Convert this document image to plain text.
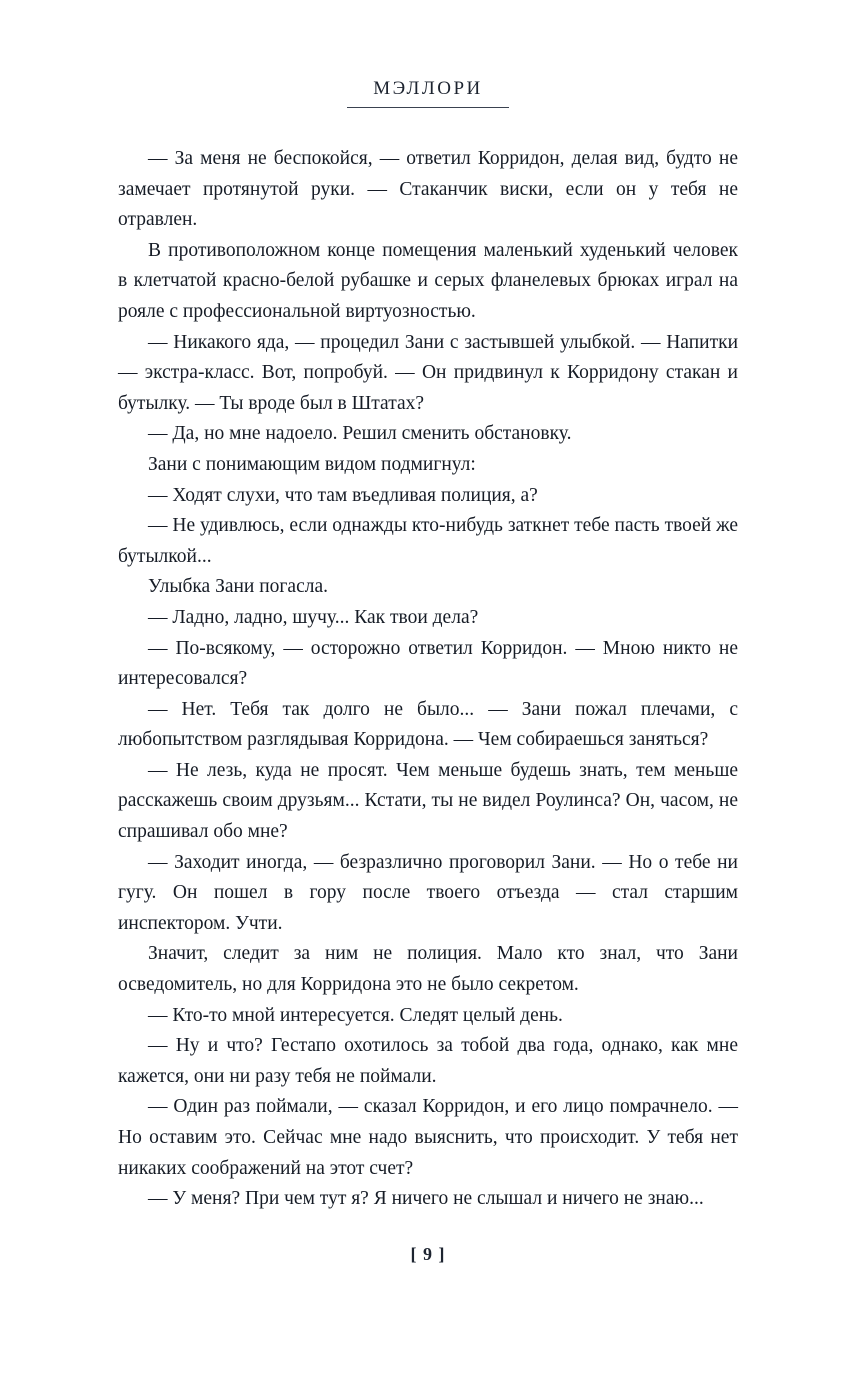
МЭЛЛОРИ

— За меня не беспокойся, — ответил Корридон, делая вид, будто не замечает протянутой руки. — Стаканчик виски, если он у тебя не отравлен.

В противоположном конце помещения маленький худенький человек в клетчатой красно-белой рубашке и серых фланелевых брюках играл на рояле с профессиональной виртуозностью.

— Никакого яда, — процедил Зани с застывшей улыбкой. — Напитки — экстра-класс. Вот, попробуй. — Он придвинул к Корридону стакан и бутылку. — Ты вроде был в Штатах?

— Да, но мне надоело. Решил сменить обстановку.

Зани с понимающим видом подмигнул:

— Ходят слухи, что там въедливая полиция, а?

— Не удивлюсь, если однажды кто-нибудь заткнет тебе пасть твоей же бутылкой...

Улыбка Зани погасла.

— Ладно, ладно, шучу... Как твои дела?

— По-всякому, — осторожно ответил Корридон. — Мною никто не интересовался?

— Нет. Тебя так долго не было... — Зани пожал плечами, с любопытством разглядывая Корридона. — Чем собираешься заняться?

— Не лезь, куда не просят. Чем меньше будешь знать, тем меньше расскажешь своим друзьям... Кстати, ты не видел Роулинса? Он, часом, не спрашивал обо мне?

— Заходит иногда, — безразлично проговорил Зани. — Но о тебе ни гугу. Он пошел в гору после твоего отъезда — стал старшим инспектором. Учти.

Значит, следит за ним не полиция. Мало кто знал, что Зани осведомитель, но для Корридона это не было секретом.

— Кто-то мной интересуется. Следят целый день.

— Ну и что? Гестапо охотилось за тобой два года, однако, как мне кажется, они ни разу тебя не поймали.

— Один раз поймали, — сказал Корридон, и его лицо помрачнело. — Но оставим это. Сейчас мне надо выяснить, что происходит. У тебя нет никаких соображений на этот счет?

— У меня? При чем тут я? Я ничего не слышал и ничего не знаю...

[ 9 ]
